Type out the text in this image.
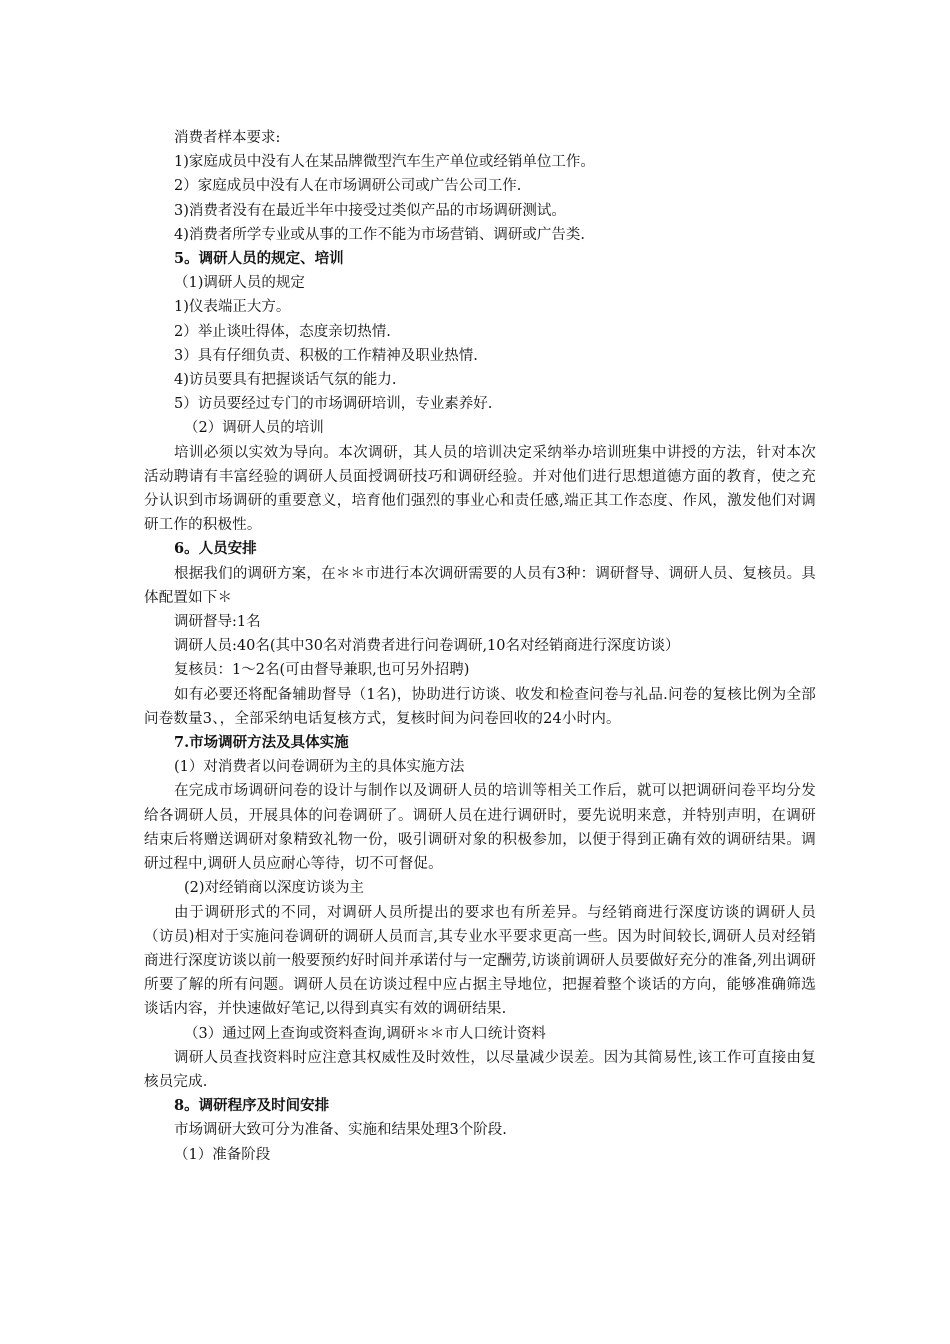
消费者样本要求:

1)家庭成员中没有人在某品牌微型汽车生产单位或经销单位工作。

2）家庭成员中没有人在市场调研公司或广告公司工作.

3)消费者没有在最近半年中接受过类似产品的市场调研测试。

4)消费者所学专业或从事的工作不能为市场营销、调研或广告类.

5。调研人员的规定、培训

（1)调研人员的规定

1)仪表端正大方。

2）举止谈吐得体，态度亲切热情.

3）具有仔细负责、积极的工作精神及职业热情.

4)访员要具有把握谈话气氛的能力.

5）访员要经过专门的市场调研培训，专业素养好.

（2）调研人员的培训

培训必须以实效为导向。本次调研，其人员的培训决定采纳举办培训班集中讲授的方法，针对本次活动聘请有丰富经验的调研人员面授调研技巧和调研经验。并对他们进行思想道德方面的教育，使之充分认识到市场调研的重要意义，培育他们强烈的事业心和责任感,端正其工作态度、作风，激发他们对调研工作的积极性。

6。人员安排

根据我们的调研方案，在＊＊市进行本次调研需要的人员有3种：调研督导、调研人员、复核员。具体配置如下＊

调研督导:1名

调研人员:40名(其中30名对消费者进行问卷调研,10名对经销商进行深度访谈）

复核员：1～2名(可由督导兼职,也可另外招聘)

如有必要还将配备辅助督导（1名)，协助进行访谈、收发和检查问卷与礼品.问卷的复核比例为全部问卷数量3、，全部采纳电话复核方式，复核时间为问卷回收的24小时内。

7.市场调研方法及具体实施

(1）对消费者以问卷调研为主的具体实施方法

在完成市场调研问卷的设计与制作以及调研人员的培训等相关工作后，就可以把调研问卷平均分发给各调研人员，开展具体的问卷调研了。调研人员在进行调研时，要先说明来意，并特别声明，在调研结束后将赠送调研对象精致礼物一份，吸引调研对象的积极参加，以便于得到正确有效的调研结果。调研过程中,调研人员应耐心等待，切不可督促。

(2)对经销商以深度访谈为主

由于调研形式的不同，对调研人员所提出的要求也有所差异。与经销商进行深度访谈的调研人员（访员)相对于实施问卷调研的调研人员而言,其专业水平要求更高一些。因为时间较长,调研人员对经销商进行深度访谈以前一般要预约好时间并承诺付与一定酬劳,访谈前调研人员要做好充分的准备,列出调研所要了解的所有问题。调研人员在访谈过程中应占据主导地位，把握着整个谈话的方向，能够准确筛选谈话内容，并快速做好笔记,以得到真实有效的调研结果.

（3）通过网上查询或资料查询,调研＊＊市人口统计资料

调研人员查找资料时应注意其权威性及时效性，以尽量减少误差。因为其简易性,该工作可直接由复核员完成.

8。调研程序及时间安排

市场调研大致可分为准备、实施和结果处理3个阶段.

（1）准备阶段
